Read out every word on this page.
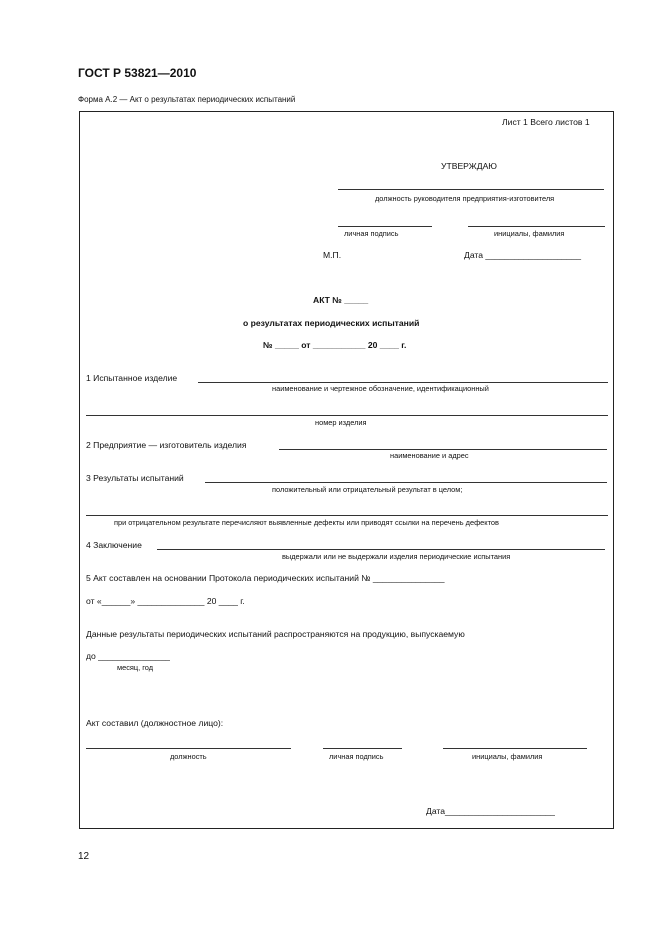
ГОСТ Р 53821—2010
Форма А.2 — Акт о результатах периодических испытаний
Лист 1 Всего листов 1
УТВЕРЖДАЮ
должность руководителя предприятия-изготовителя
личная подпись	инициалы, фамилия
М.П.	Дата ____________________
АКТ № _____
о результатах периодических испытаний
№ _____ от ___________ 20 ____ г.
1 Испытанное изделие
наименование и чертежное обозначение, идентификационный
номер изделия
2 Предприятие — изготовитель изделия
наименование и адрес
3 Результаты испытаний
положительный или отрицательный результат в целом;
при отрицательном результате перечисляют выявленные дефекты или приводят ссылки на перечень дефектов
4 Заключение
выдержали или не выдержали изделия периодические испытания
5 Акт составлен на основании Протокола периодических испытаний № _______________
от «______» ______________ 20 ____ г.
Данные результаты периодических испытаний распространяются на продукцию, выпускаемую
до _______________
месяц, год
Акт составил (должностное лицо):
должность	личная подпись	инициалы, фамилия
Дата_______________________
12
